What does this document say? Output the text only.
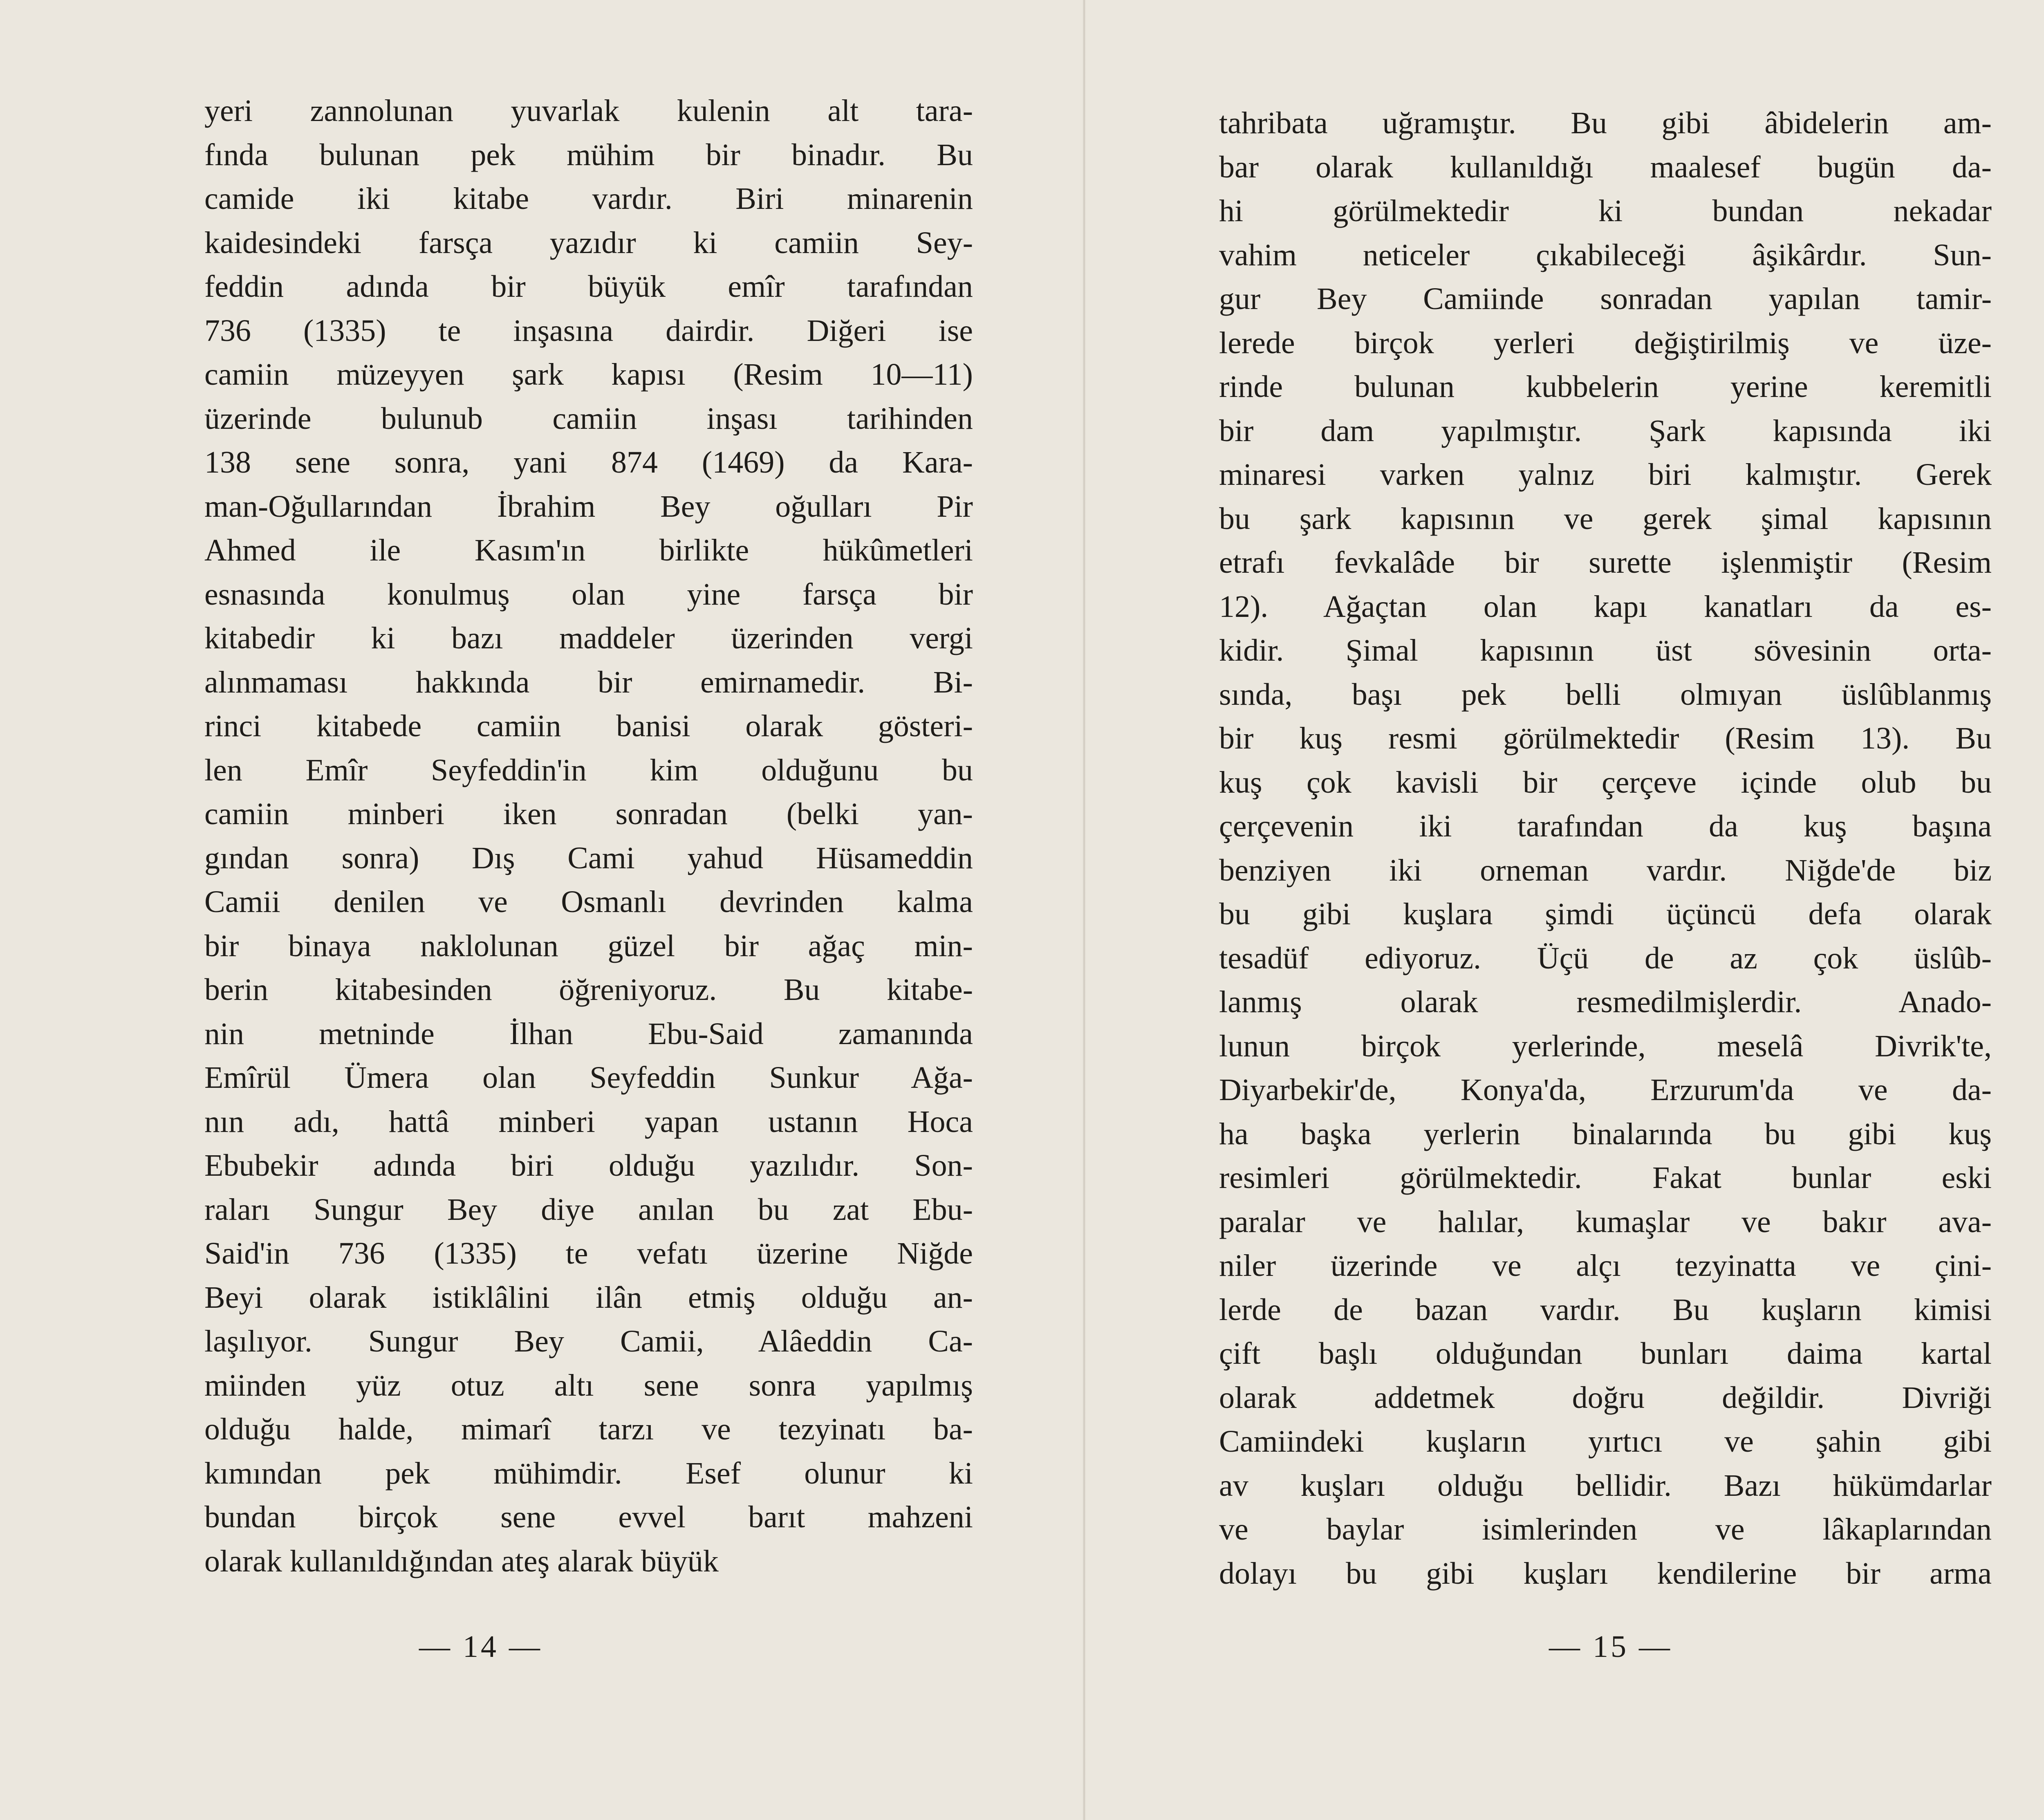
yeri zannolunan yuvarlak kulenin alt tara-
fında bulunan pek mühim bir binadır. Bu
camide iki kitabe vardır. Biri minarenin
kaidesindeki farsça yazıdır ki camiin Sey-
feddin adında bir büyük emîr tarafından
736 (1335) te inşasına dairdir. Diğeri ise
camiin müzeyyen şark kapısı (Resim 10—11)
üzerinde bulunub camiin inşası tarihinden
138 sene sonra, yani 874 (1469) da Kara-
man-Oğullarından İbrahim Bey oğulları Pir
Ahmed ile Kasım'ın birlikte hükûmetleri
esnasında konulmuş olan yine farsça bir
kitabedir ki bazı maddeler üzerinden vergi
alınmaması hakkında bir emirnamedir. Bi-
rinci kitabede camiin banisi olarak gösteri-
len Emîr Seyfeddin'in kim olduğunu bu
camiin minberi iken sonradan (belki yan-
gından sonra) Dış Cami yahud Hüsameddin
Camii denilen ve Osmanlı devrinden kalma
bir binaya naklolunan güzel bir ağaç min-
berin kitabesinden öğreniyoruz. Bu kitabe-
nin metninde İlhan Ebu-Said zamanında
Emîrül Ümera olan Seyfeddin Sunkur Ağa-
nın adı, hattâ minberi yapan ustanın Hoca
Ebubekir adında biri olduğu yazılıdır. Son-
raları Sungur Bey diye anılan bu zat Ebu-
Said'in 736 (1335) te vefatı üzerine Niğde
Beyi olarak istiklâlini ilân etmiş olduğu an-
laşılıyor. Sungur Bey Camii, Alâeddin Ca-
miinden yüz otuz altı sene sonra yapılmış
olduğu halde, mimarî tarzı ve tezyinatı ba-
kımından pek mühimdir. Esef olunur ki
bundan birçok sene evvel barıt mahzeni
olarak kullanıldığından ateş alarak büyük
— 14 —
tahribata uğramıştır. Bu gibi âbidelerin am-
bar olarak kullanıldığı maalesef bugün da-
hi görülmektedir ki bundan nekadar
vahim neticeler çıkabileceği âşikârdır. Sun-
gur Bey Camiinde sonradan yapılan tamir-
lerede birçok yerleri değiştirilmiş ve üze-
rinde bulunan kubbelerin yerine keremitli
bir dam yapılmıştır. Şark kapısında iki
minaresi varken yalnız biri kalmıştır. Gerek
bu şark kapısının ve gerek şimal kapısının
etrafı fevkalâde bir surette işlenmiştir (Resim
12). Ağaçtan olan kapı kanatları da es-
kidir. Şimal kapısının üst sövesinin orta-
sında, başı pek belli olmıyan üslûblanmış
bir kuş resmi görülmektedir (Resim 13). Bu
kuş çok kavisli bir çerçeve içinde olub bu
çerçevenin iki tarafından da kuş başına
benziyen iki orneman vardır. Niğde'de biz
bu gibi kuşlara şimdi üçüncü defa olarak
tesadüf ediyoruz. Üçü de az çok üslûb-
lanmış olarak resmedilmişlerdir. Anado-
lunun birçok yerlerinde, meselâ Divrik'te,
Diyarbekir'de, Konya'da, Erzurum'da ve da-
ha başka yerlerin binalarında bu gibi kuş
resimleri görülmektedir. Fakat bunlar eski
paralar ve halılar, kumaşlar ve bakır ava-
niler üzerinde ve alçı tezyinatta ve çini-
lerde de bazan vardır. Bu kuşların kimisi
çift başlı olduğundan bunları daima kartal
olarak addetmek doğru değildir. Divriği
Camiindeki kuşların yırtıcı ve şahin gibi
av kuşları olduğu bellidir. Bazı hükümdarlar
ve baylar isimlerinden ve lâkaplarından
dolayı bu gibi kuşları kendilerine bir arma
— 15 —
